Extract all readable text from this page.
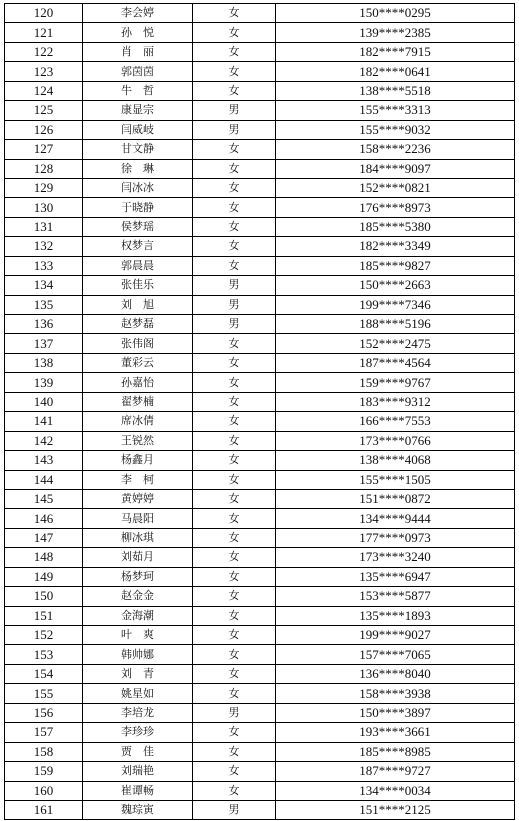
120	李会婷	女	150****0295
121	孙　悦	女	139****2385
122	肖　丽	女	182****7915
123	郭茵茵	女	182****0641
124	牛　哲	女	138****5518
125	康显宗	男	155****3313
126	闫威岐	男	155****9032
127	甘文静	女	158****2236
128	徐　琳	女	184****9097
129	闫冰冰	女	152****0821
130	于晓静	女	176****8973
131	侯梦瑶	女	185****5380
132	权梦言	女	182****3349
133	郭晨晨	女	185****9827
134	张佳乐	男	150****2663
135	刘　旭	男	199****7346
136	赵梦磊	男	188****5196
137	张伟阁	女	152****2475
138	董彩云	女	187****4564
139	孙嘉怡	女	159****9767
140	翟梦楠	女	183****9312
141	席冰倩	女	166****7553
142	王锐然	女	173****0766
143	杨鑫月	女	138****4068
144	李　柯	女	155****1505
145	黄婷婷	女	151****0872
146	马晨阳	女	134****9444
147	柳冰琪	女	177****0973
148	刘茹月	女	173****3240
149	杨梦珂	女	135****6947
150	赵金金	女	153****5877
151	金海潮	女	135****1893
152	叶　爽	女	199****9027
153	韩帅娜	女	157****7065
154	刘　青	女	136****8040
155	姚星如	女	158****3938
156	李培龙	男	150****3897
157	李珍珍	女	193****3661
158	贾　佳	女	185****8985
159	刘瑞艳	女	187****9727
160	崔谭畅	女	134****0034
161	魏琮寅	男	151****2125
